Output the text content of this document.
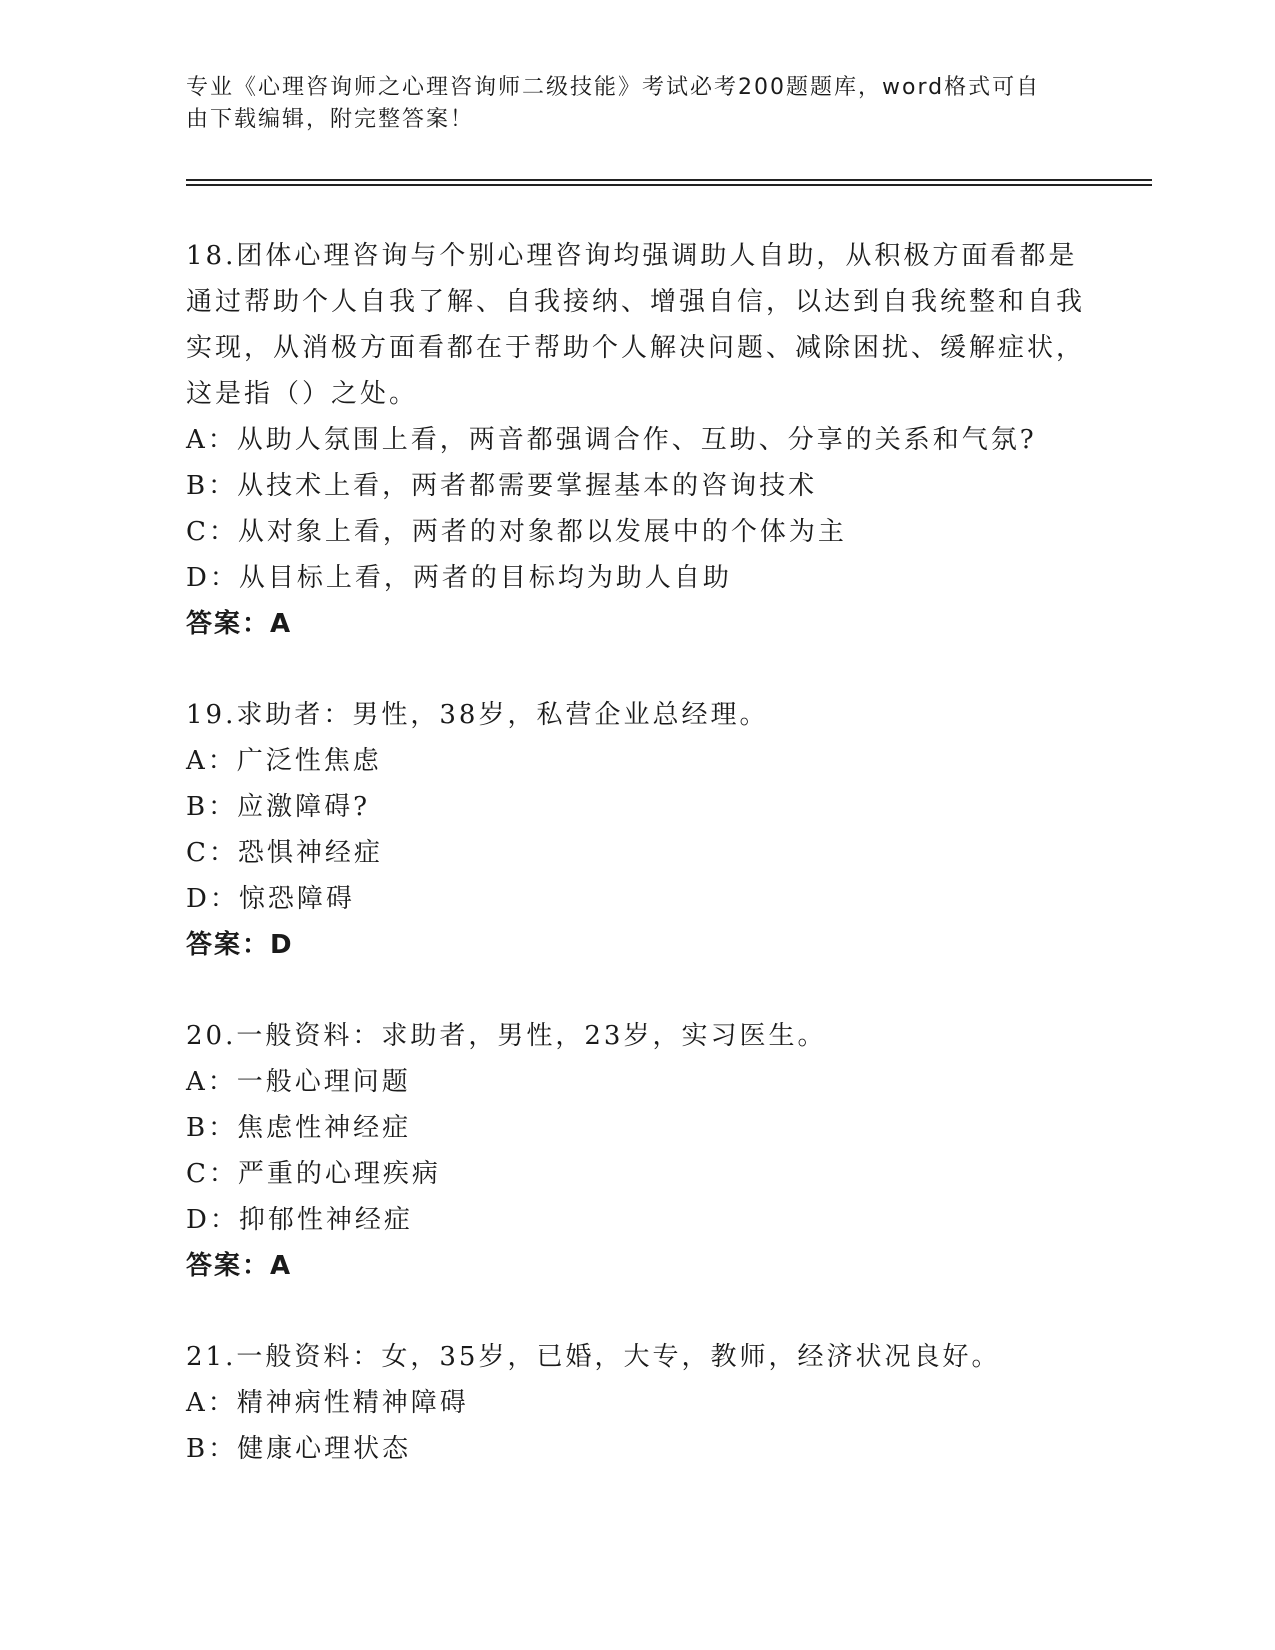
专业《心理咨询师之心理咨询师二级技能》考试必考200题题库，word格式可自
由下载编辑，附完整答案！

18.团体心理咨询与个别心理咨询均强调助人自助，从积极方面看都是通过帮助个人自我了解、自我接纳、增强自信，以达到自我统整和自我实现，从消极方面看都在于帮助个人解决问题、减除困扰、缓解症状，这是指（）之处。

A：从助人氛围上看，两音都强调合作、互助、分享的关系和气氛?

B：从技术上看，两者都需要掌握基本的咨询技术

C：从对象上看，两者的对象都以发展中的个体为主

D：从目标上看，两者的目标均为助人自助

答案：A

19.求助者：男性，38岁，私营企业总经理。

A：广泛性焦虑

B：应激障碍?

C：恐惧神经症

D：惊恐障碍

答案：D

20.一般资料：求助者，男性，23岁，实习医生。

A：一般心理问题

B：焦虑性神经症

C：严重的心理疾病

D：抑郁性神经症

答案：A

21.一般资料：女，35岁，已婚，大专，教师，经济状况良好。

A：精神病性精神障碍

B：健康心理状态
